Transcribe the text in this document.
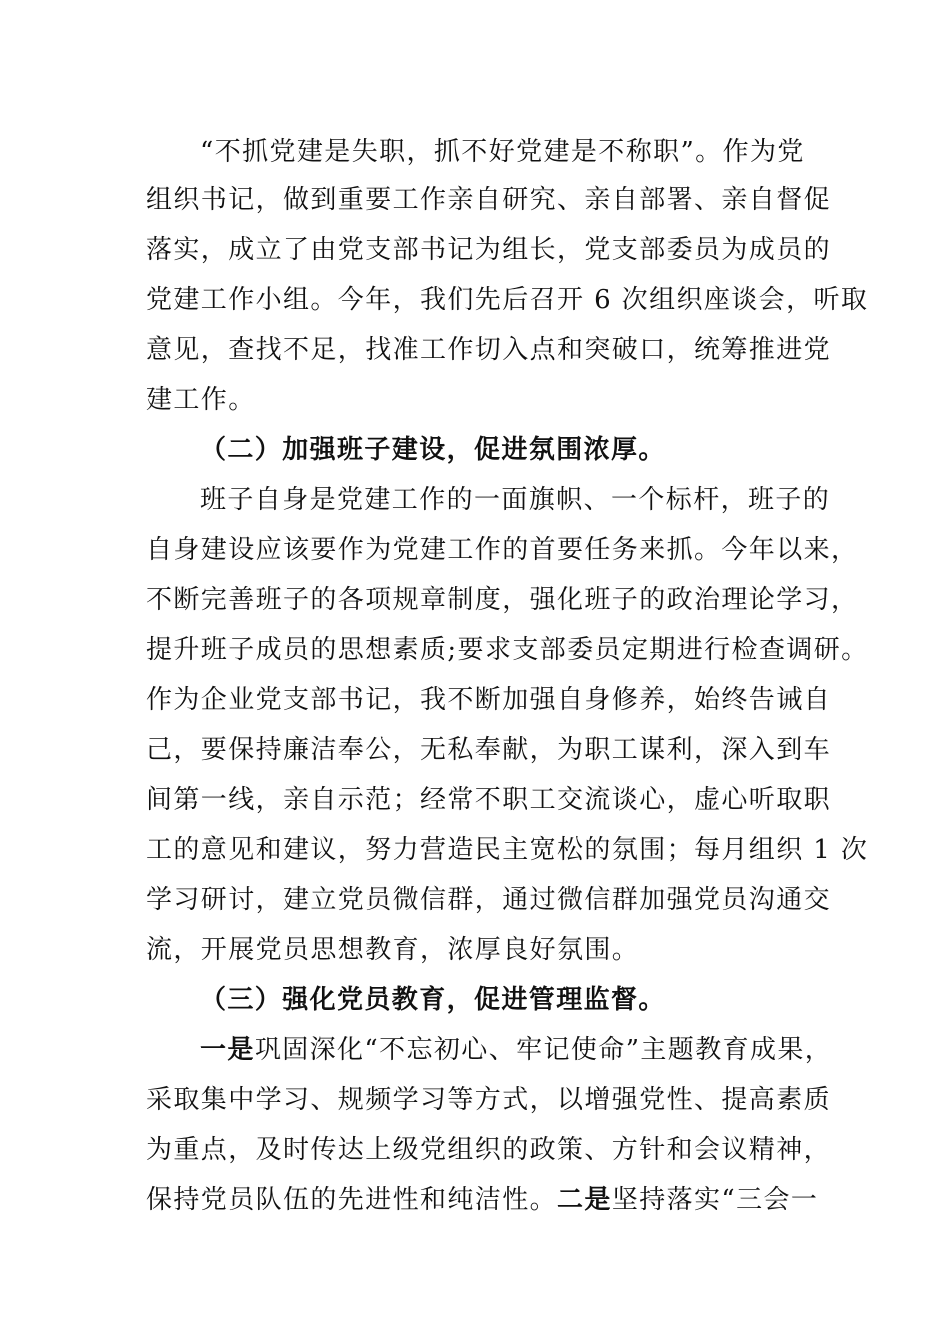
“不抓党建是失职，抓不好党建是不称职”。作为党
组织书记，做到重要工作亲自研究、亲自部署、亲自督促
落实，成立了由党支部书记为组长，党支部委员为成员的
党建工作小组。今年，我们先后召开 6 次组织座谈会，听取
意见，查找不足，找准工作切入点和突破口，统筹推进党
建工作。
（二）加强班子建设，促进氛围浓厚。
班子自身是党建工作的一面旗帜、一个标杆，班子的
自身建设应该要作为党建工作的首要任务来抓。今年以来，
不断完善班子的各项规章制度，强化班子的政治理论学习，
提升班子成员的思想素质;要求支部委员定期进行检查调研。
作为企业党支部书记，我不断加强自身修养，始终告诫自
己，要保持廉洁奉公，无私奉献，为职工谋利，深入到车
间第一线，亲自示范；经常不职工交流谈心，虚心听取职
工的意见和建议，努力营造民主宽松的氛围；每月组织 1 次
学习研讨，建立党员微信群，通过微信群加强党员沟通交
流，开展党员思想教育，浓厚良好氛围。
（三）强化党员教育，促进管理监督。
一是巩固深化“不忘初心、牢记使命”主题教育成果，
采取集中学习、规频学习等方式，以增强党性、提高素质
为重点，及时传达上级党组织的政策、方针和会议精神，
保持党员队伍的先进性和纯洁性。二是坚持落实“三会一
